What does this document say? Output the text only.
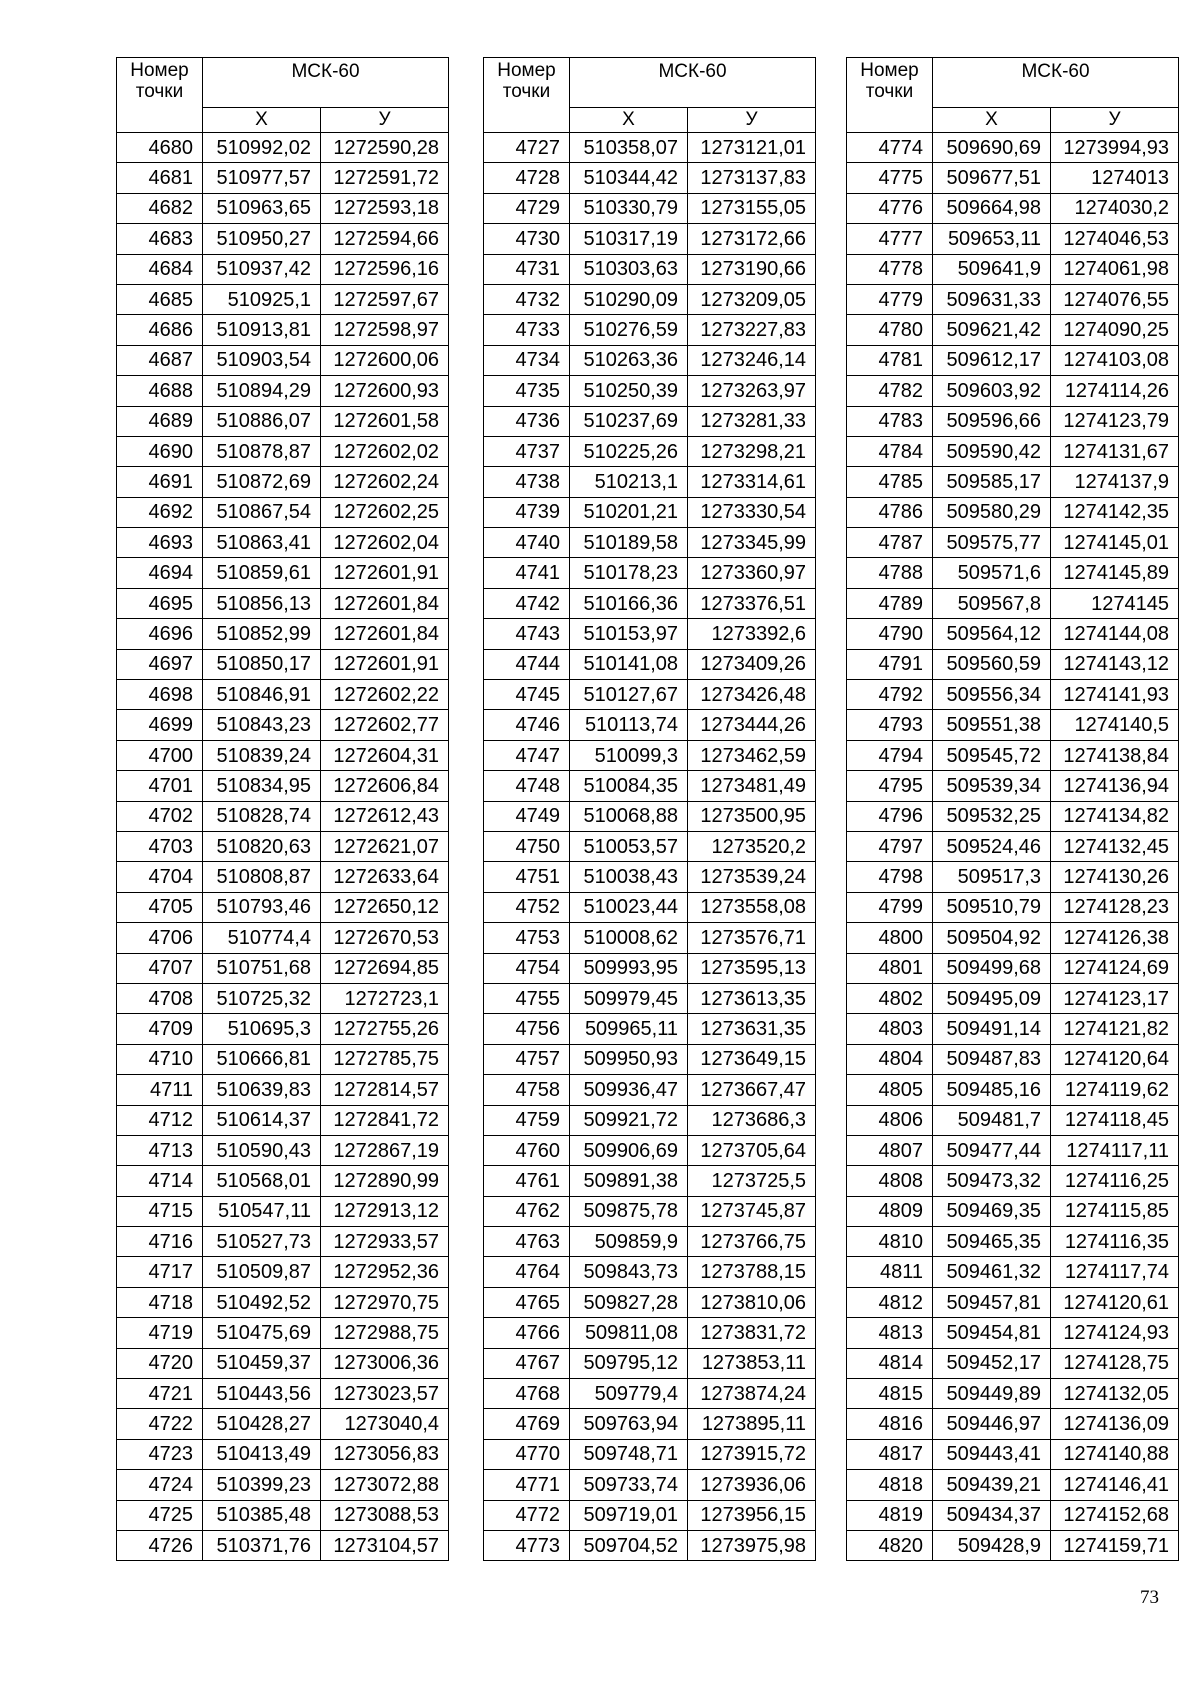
Номер точки	МСК-60	
	Х	У
4680	510992,02	1272590,28
4681	510977,57	1272591,72
4682	510963,65	1272593,18
4683	510950,27	1272594,66
4684	510937,42	1272596,16
4685	510925,1	1272597,67
4686	510913,81	1272598,97
4687	510903,54	1272600,06
4688	510894,29	1272600,93
4689	510886,07	1272601,58
4690	510878,87	1272602,02
4691	510872,69	1272602,24
4692	510867,54	1272602,25
4693	510863,41	1272602,04
4694	510859,61	1272601,91
4695	510856,13	1272601,84
4696	510852,99	1272601,84
4697	510850,17	1272601,91
4698	510846,91	1272602,22
4699	510843,23	1272602,77
4700	510839,24	1272604,31
4701	510834,95	1272606,84
4702	510828,74	1272612,43
4703	510820,63	1272621,07
4704	510808,87	1272633,64
4705	510793,46	1272650,12
4706	510774,4	1272670,53
4707	510751,68	1272694,85
4708	510725,32	1272723,1
4709	510695,3	1272755,26
4710	510666,81	1272785,75
4711	510639,83	1272814,57
4712	510614,37	1272841,72
4713	510590,43	1272867,19
4714	510568,01	1272890,99
4715	510547,11	1272913,12
4716	510527,73	1272933,57
4717	510509,87	1272952,36
4718	510492,52	1272970,75
4719	510475,69	1272988,75
4720	510459,37	1273006,36
4721	510443,56	1273023,57
4722	510428,27	1273040,4
4723	510413,49	1273056,83
4724	510399,23	1273072,88
4725	510385,48	1273088,53
4726	510371,76	1273104,57
Номер точки	МСК-60	
	Х	У
4727	510358,07	1273121,01
4728	510344,42	1273137,83
4729	510330,79	1273155,05
4730	510317,19	1273172,66
4731	510303,63	1273190,66
4732	510290,09	1273209,05
4733	510276,59	1273227,83
4734	510263,36	1273246,14
4735	510250,39	1273263,97
4736	510237,69	1273281,33
4737	510225,26	1273298,21
4738	510213,1	1273314,61
4739	510201,21	1273330,54
4740	510189,58	1273345,99
4741	510178,23	1273360,97
4742	510166,36	1273376,51
4743	510153,97	1273392,6
4744	510141,08	1273409,26
4745	510127,67	1273426,48
4746	510113,74	1273444,26
4747	510099,3	1273462,59
4748	510084,35	1273481,49
4749	510068,88	1273500,95
4750	510053,57	1273520,2
4751	510038,43	1273539,24
4752	510023,44	1273558,08
4753	510008,62	1273576,71
4754	509993,95	1273595,13
4755	509979,45	1273613,35
4756	509965,11	1273631,35
4757	509950,93	1273649,15
4758	509936,47	1273667,47
4759	509921,72	1273686,3
4760	509906,69	1273705,64
4761	509891,38	1273725,5
4762	509875,78	1273745,87
4763	509859,9	1273766,75
4764	509843,73	1273788,15
4765	509827,28	1273810,06
4766	509811,08	1273831,72
4767	509795,12	1273853,11
4768	509779,4	1273874,24
4769	509763,94	1273895,11
4770	509748,71	1273915,72
4771	509733,74	1273936,06
4772	509719,01	1273956,15
4773	509704,52	1273975,98
Номер точки	МСК-60	
	Х	У
4774	509690,69	1273994,93
4775	509677,51	1274013
4776	509664,98	1274030,2
4777	509653,11	1274046,53
4778	509641,9	1274061,98
4779	509631,33	1274076,55
4780	509621,42	1274090,25
4781	509612,17	1274103,08
4782	509603,92	1274114,26
4783	509596,66	1274123,79
4784	509590,42	1274131,67
4785	509585,17	1274137,9
4786	509580,29	1274142,35
4787	509575,77	1274145,01
4788	509571,6	1274145,89
4789	509567,8	1274145
4790	509564,12	1274144,08
4791	509560,59	1274143,12
4792	509556,34	1274141,93
4793	509551,38	1274140,5
4794	509545,72	1274138,84
4795	509539,34	1274136,94
4796	509532,25	1274134,82
4797	509524,46	1274132,45
4798	509517,3	1274130,26
4799	509510,79	1274128,23
4800	509504,92	1274126,38
4801	509499,68	1274124,69
4802	509495,09	1274123,17
4803	509491,14	1274121,82
4804	509487,83	1274120,64
4805	509485,16	1274119,62
4806	509481,7	1274118,45
4807	509477,44	1274117,11
4808	509473,32	1274116,25
4809	509469,35	1274115,85
4810	509465,35	1274116,35
4811	509461,32	1274117,74
4812	509457,81	1274120,61
4813	509454,81	1274124,93
4814	509452,17	1274128,75
4815	509449,89	1274132,05
4816	509446,97	1274136,09
4817	509443,41	1274140,88
4818	509439,21	1274146,41
4819	509434,37	1274152,68
4820	509428,9	1274159,71
73
